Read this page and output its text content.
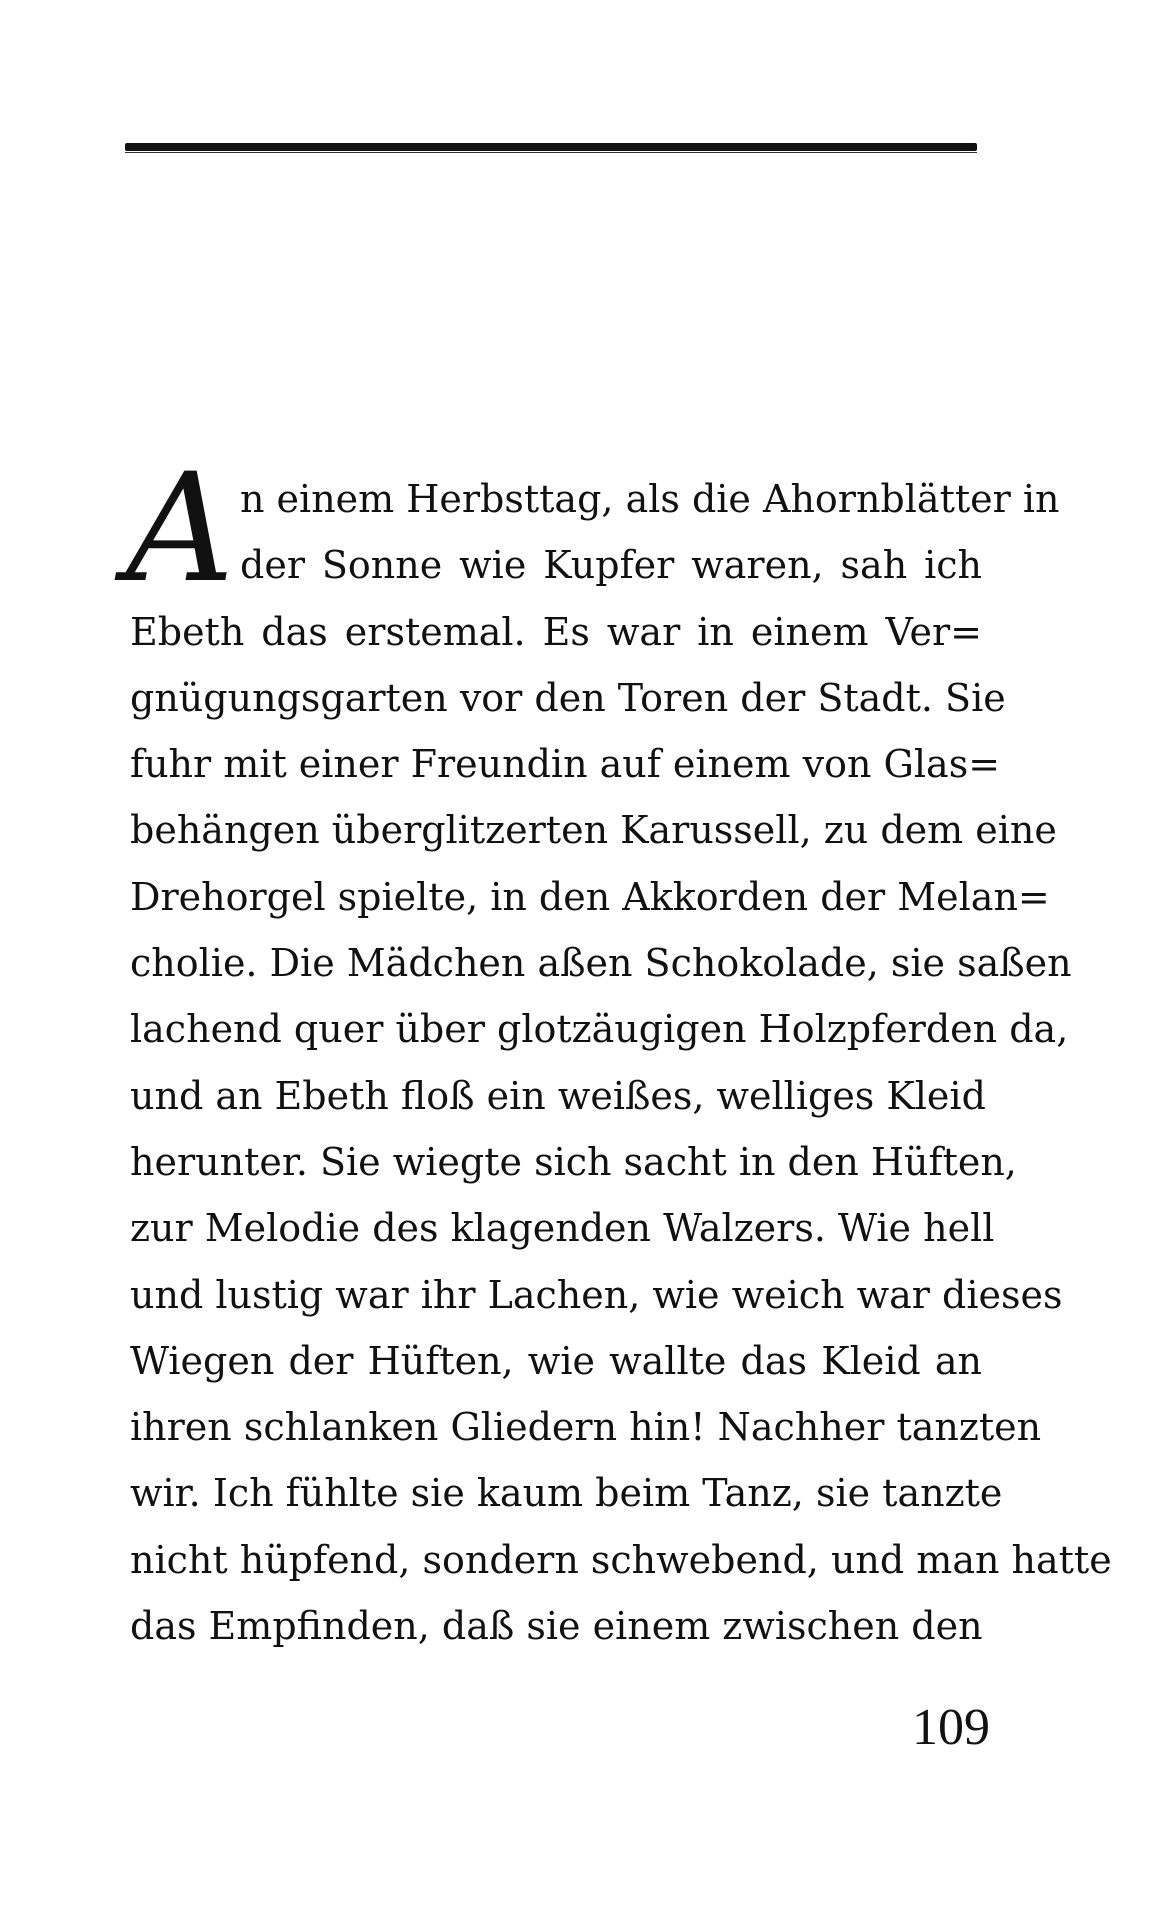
A n einem Herbsttag, als die Ahornblätter in
der Sonne wie Kupfer waren, sah ich
Ebeth das erstemal. Es war in einem Ver=
gnügungsgarten vor den Toren der Stadt. Sie
fuhr mit einer Freundin auf einem von Glas=
behängen überglitzerten Karussell, zu dem eine
Drehorgel spielte, in den Akkorden der Melan=
cholie. Die Mädchen aßen Schokolade, sie saßen
lachend quer über glotzäugigen Holzpferden da,
und an Ebeth floß ein weißes, welliges Kleid
herunter. Sie wiegte sich sacht in den Hüften,
zur Melodie des klagenden Walzers. Wie hell
und lustig war ihr Lachen, wie weich war dieses
Wiegen der Hüften, wie wallte das Kleid an
ihren schlanken Gliedern hin! Nachher tanzten
wir. Ich fühlte sie kaum beim Tanz, sie tanzte
nicht hüpfend, sondern schwebend, und man hatte
das Empfinden, daß sie einem zwischen den
109
